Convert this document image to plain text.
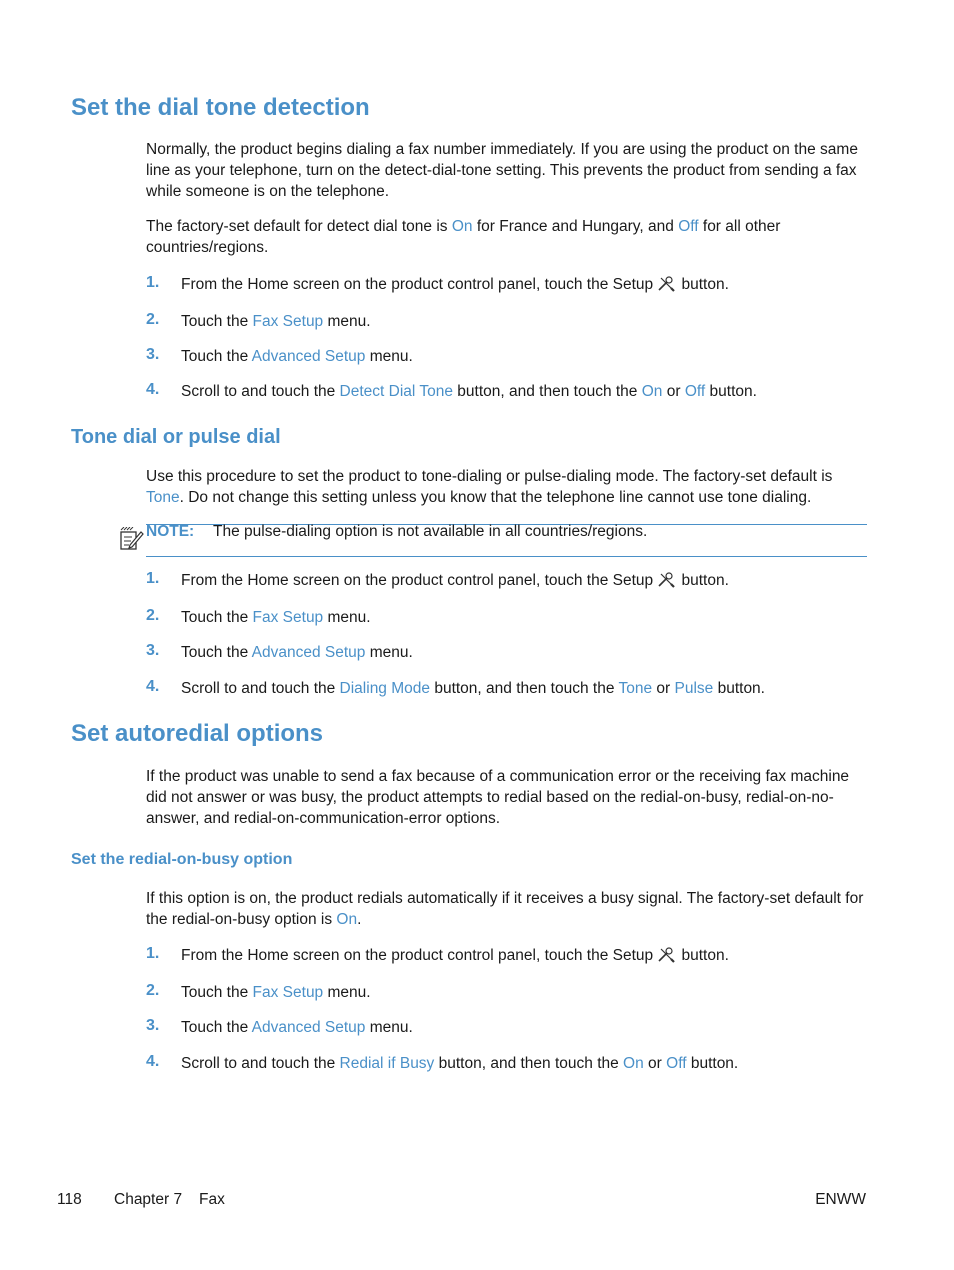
Set the dial tone detection

Normally, the product begins dialing a fax number immediately. If you are using the product on the same line as your telephone, turn on the detect-dial-tone setting. This prevents the product from sending a fax while someone is on the telephone.

The factory-set default for detect dial tone is On for France and Hungary, and Off for all other countries/regions.

1. From the Home screen on the product control panel, touch the Setup button.
2. Touch the Fax Setup menu.
3. Touch the Advanced Setup menu.
4. Scroll to and touch the Detect Dial Tone button, and then touch the On or Off button.
Tone dial or pulse dial

Use this procedure to set the product to tone-dialing or pulse-dialing mode. The factory-set default is Tone. Do not change this setting unless you know that the telephone line cannot use tone dialing.

NOTE: The pulse-dialing option is not available in all countries/regions.
1. From the Home screen on the product control panel, touch the Setup button.
2. Touch the Fax Setup menu.
3. Touch the Advanced Setup menu.
4. Scroll to and touch the Dialing Mode button, and then touch the Tone or Pulse button.
Set autoredial options

If the product was unable to send a fax because of a communication error or the receiving fax machine did not answer or was busy, the product attempts to redial based on the redial-on-busy, redial-on-no-answer, and redial-on-communication-error options.

Set the redial-on-busy option

If this option is on, the product redials automatically if it receives a busy signal. The factory-set default for the redial-on-busy option is On.

1. From the Home screen on the product control panel, touch the Setup button.
2. Touch the Fax Setup menu.
3. Touch the Advanced Setup menu.
4. Scroll to and touch the Redial if Busy button, and then touch the On or Off button.
118 Chapter 7 Fax	ENWW
